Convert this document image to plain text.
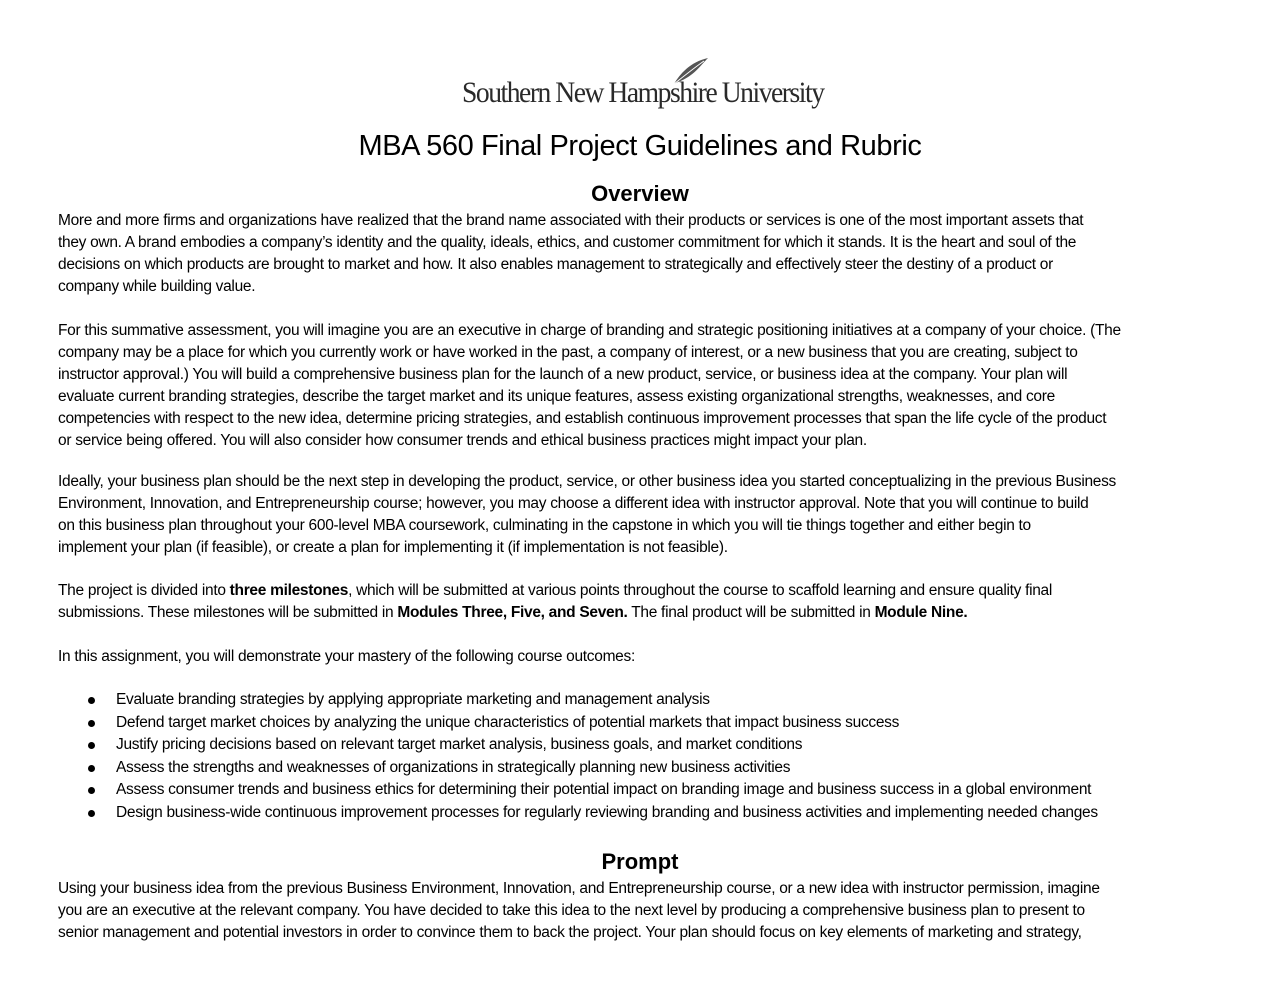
Southern New Hampshire University
MBA 560 Final Project Guidelines and Rubric
Overview
More and more firms and organizations have realized that the brand name associated with their products or services is one of the most important assets that
they own. A brand embodies a company’s identity and the quality, ideals, ethics, and customer commitment for which it stands. It is the heart and soul of the
decisions on which products are brought to market and how. It also enables management to strategically and effectively steer the destiny of a product or
company while building value.
For this summative assessment, you will imagine you are an executive in charge of branding and strategic positioning initiatives at a company of your choice. (The
company may be a place for which you currently work or have worked in the past, a company of interest, or a new business that you are creating, subject to
instructor approval.) You will build a comprehensive business plan for the launch of a new product, service, or business idea at the company. Your plan will
evaluate current branding strategies, describe the target market and its unique features, assess existing organizational strengths, weaknesses, and core
competencies with respect to the new idea, determine pricing strategies, and establish continuous improvement processes that span the life cycle of the product
or service being offered. You will also consider how consumer trends and ethical business practices might impact your plan.
Ideally, your business plan should be the next step in developing the product, service, or other business idea you started conceptualizing in the previous Business
Environment, Innovation, and Entrepreneurship course; however, you may choose a different idea with instructor approval. Note that you will continue to build
on this business plan throughout your 600-level MBA coursework, culminating in the capstone in which you will tie things together and either begin to
implement your plan (if feasible), or create a plan for implementing it (if implementation is not feasible).
The project is divided into three milestones, which will be submitted at various points throughout the course to scaffold learning and ensure quality final
submissions. These milestones will be submitted in Modules Three, Five, and Seven. The final product will be submitted in Module Nine.
In this assignment, you will demonstrate your mastery of the following course outcomes:
Evaluate branding strategies by applying appropriate marketing and management analysis
Defend target market choices by analyzing the unique characteristics of potential markets that impact business success
Justify pricing decisions based on relevant target market analysis, business goals, and market conditions
Assess the strengths and weaknesses of organizations in strategically planning new business activities
Assess consumer trends and business ethics for determining their potential impact on branding image and business success in a global environment
Design business-wide continuous improvement processes for regularly reviewing branding and business activities and implementing needed changes
Prompt
Using your business idea from the previous Business Environment, Innovation, and Entrepreneurship course, or a new idea with instructor permission, imagine
you are an executive at the relevant company. You have decided to take this idea to the next level by producing a comprehensive business plan to present to
senior management and potential investors in order to convince them to back the project. Your plan should focus on key elements of marketing and strategy,
